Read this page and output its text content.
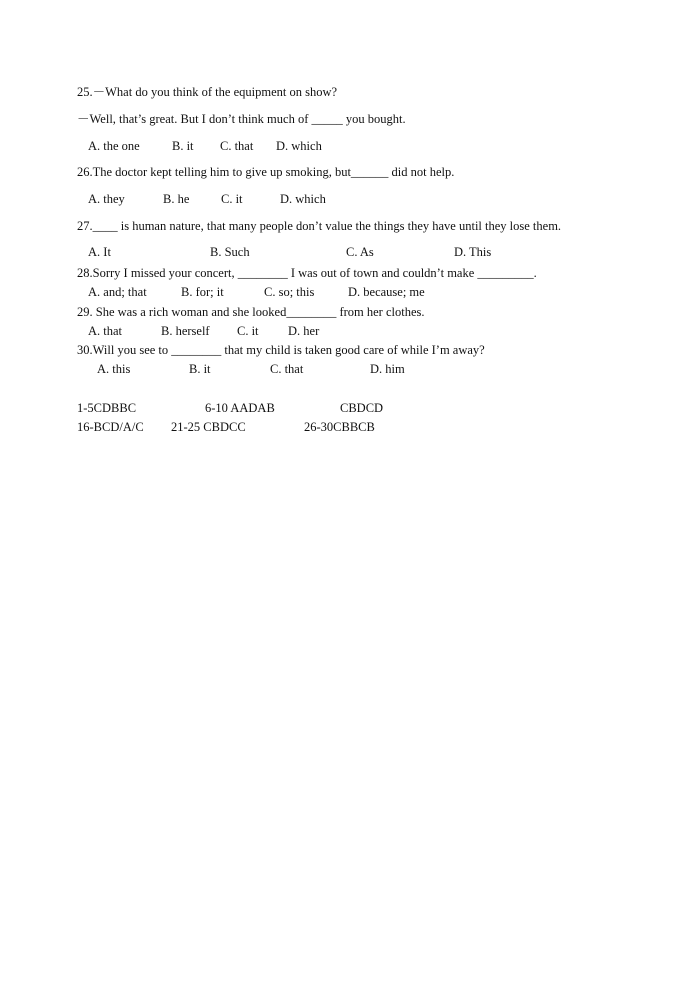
25.－What do you think of the equipment on show?
－Well, that’s great. But I don’t think much of _____ you bought.
A. the one	B. it C. that D. which
26.The doctor kept telling him to give up smoking, but______ did not help.
A. they	B. he	C. it	D. which
27.____ is human nature, that many people don’t value the things they have until they lose them.
A. It	B. Such	C. As	D. This
28.Sorry I missed your concert, ________ I was out of town and couldn’t make _________.
A. and; that	B. for; it	C. so; this	D. because; me
29. She was a rich woman and she looked________ from her clothes.
A. that	B. herself C. it D. her
30.Will you see to ________ that my child is taken good care of while I’m away?
A. this	B. it	C. that	D. him
1-5CDBBC	6-10 AADAB	CBDCD
16-BCD/A/C 21-25 CBDCC	26-30CBBCB
